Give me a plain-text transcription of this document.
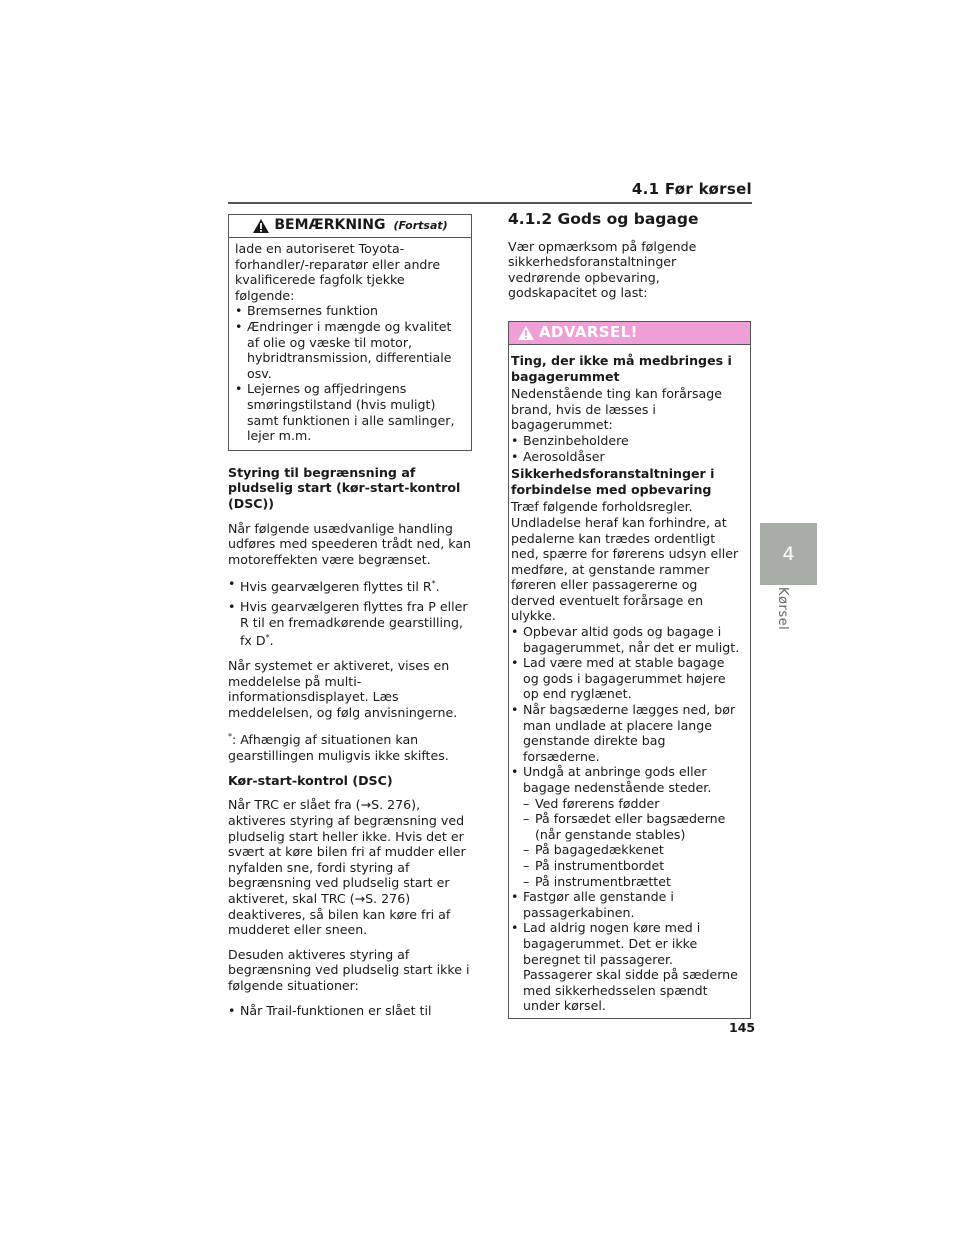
4.1 Før kørsel
4
Kørsel
BEMÆRKNING (Fortsat)
lade en autoriseret Toyota-forhandler/-reparatør eller andre kvalificerede fagfolk tjekke følgende:
• Bremsernes funktion
• Ændringer i mængde og kvalitet af olie og væske til motor, hybridtransmission, differentiale osv.
• Lejernes og affjedringens smøringstilstand (hvis muligt) samt funktionen i alle samlinger, lejer m.m.

Styring til begrænsning af pludselig start (kør-start-kontrol (DSC))

Når følgende usædvanlige handling udføres med speederen trådt ned, kan motoreffekten være begrænset.

• Hvis gearvælgeren flyttes til R*.
• Hvis gearvælgeren flyttes fra P eller R til en fremadkørende gearstilling, fx D*.

Når systemet er aktiveret, vises en meddelelse på multi-informationsdisplayet. Læs meddelelsen, og følg anvisningerne.

*: Afhængig af situationen kan gearstillingen muligvis ikke skiftes.

Kør-start-kontrol (DSC)

Når TRC er slået fra (→S. 276), aktiveres styring af begrænsning ved pludselig start heller ikke. Hvis det er svært at køre bilen fri af mudder eller nyfalden sne, fordi styring af begrænsning ved pludselig start er aktiveret, skal TRC (→S. 276) deaktiveres, så bilen kan køre fri af mudderet eller sneen.

Desuden aktiveres styring af begrænsning ved pludselig start ikke i følgende situationer:

• Når Trail-funktionen er slået til
4.1.2 Gods og bagage

Vær opmærksom på følgende sikkerhedsforanstaltninger vedrørende opbevaring, godskapacitet og last:

ADVARSEL!

Ting, der ikke må medbringes i bagagerummet

Nedenstående ting kan forårsage brand, hvis de læsses i bagagerummet:

• Benzinbeholdere
• Aerosoldåser

Sikkerhedsforanstaltninger i forbindelse med opbevaring

Træf følgende forholdsregler. Undladelse heraf kan forhindre, at pedalerne kan trædes ordentligt ned, spærre for førerens udsyn eller medføre, at genstande rammer føreren eller passagererne og derved eventuelt forårsage en ulykke.

• Opbevar altid gods og bagage i bagagerummet, når det er muligt.
• Lad være med at stable bagage og gods i bagagerummet højere op end ryglænet.
• Når bagsæderne lægges ned, bør man undlade at placere lange genstande direkte bag forsæderne.
• Undgå at anbringe gods eller bagage nedenstående steder.
– Ved førerens fødder
– På forsædet eller bagsæderne (når genstande stables)
– På bagagedækkenet
– På instrumentbordet
– På instrumentbrættet
• Fastgør alle genstande i passagerkabinen.
• Lad aldrig nogen køre med i bagagerummet. Det er ikke beregnet til passagerer. Passagerer skal sidde på sæderne med sikkerhedsselen spændt under kørsel.
145
